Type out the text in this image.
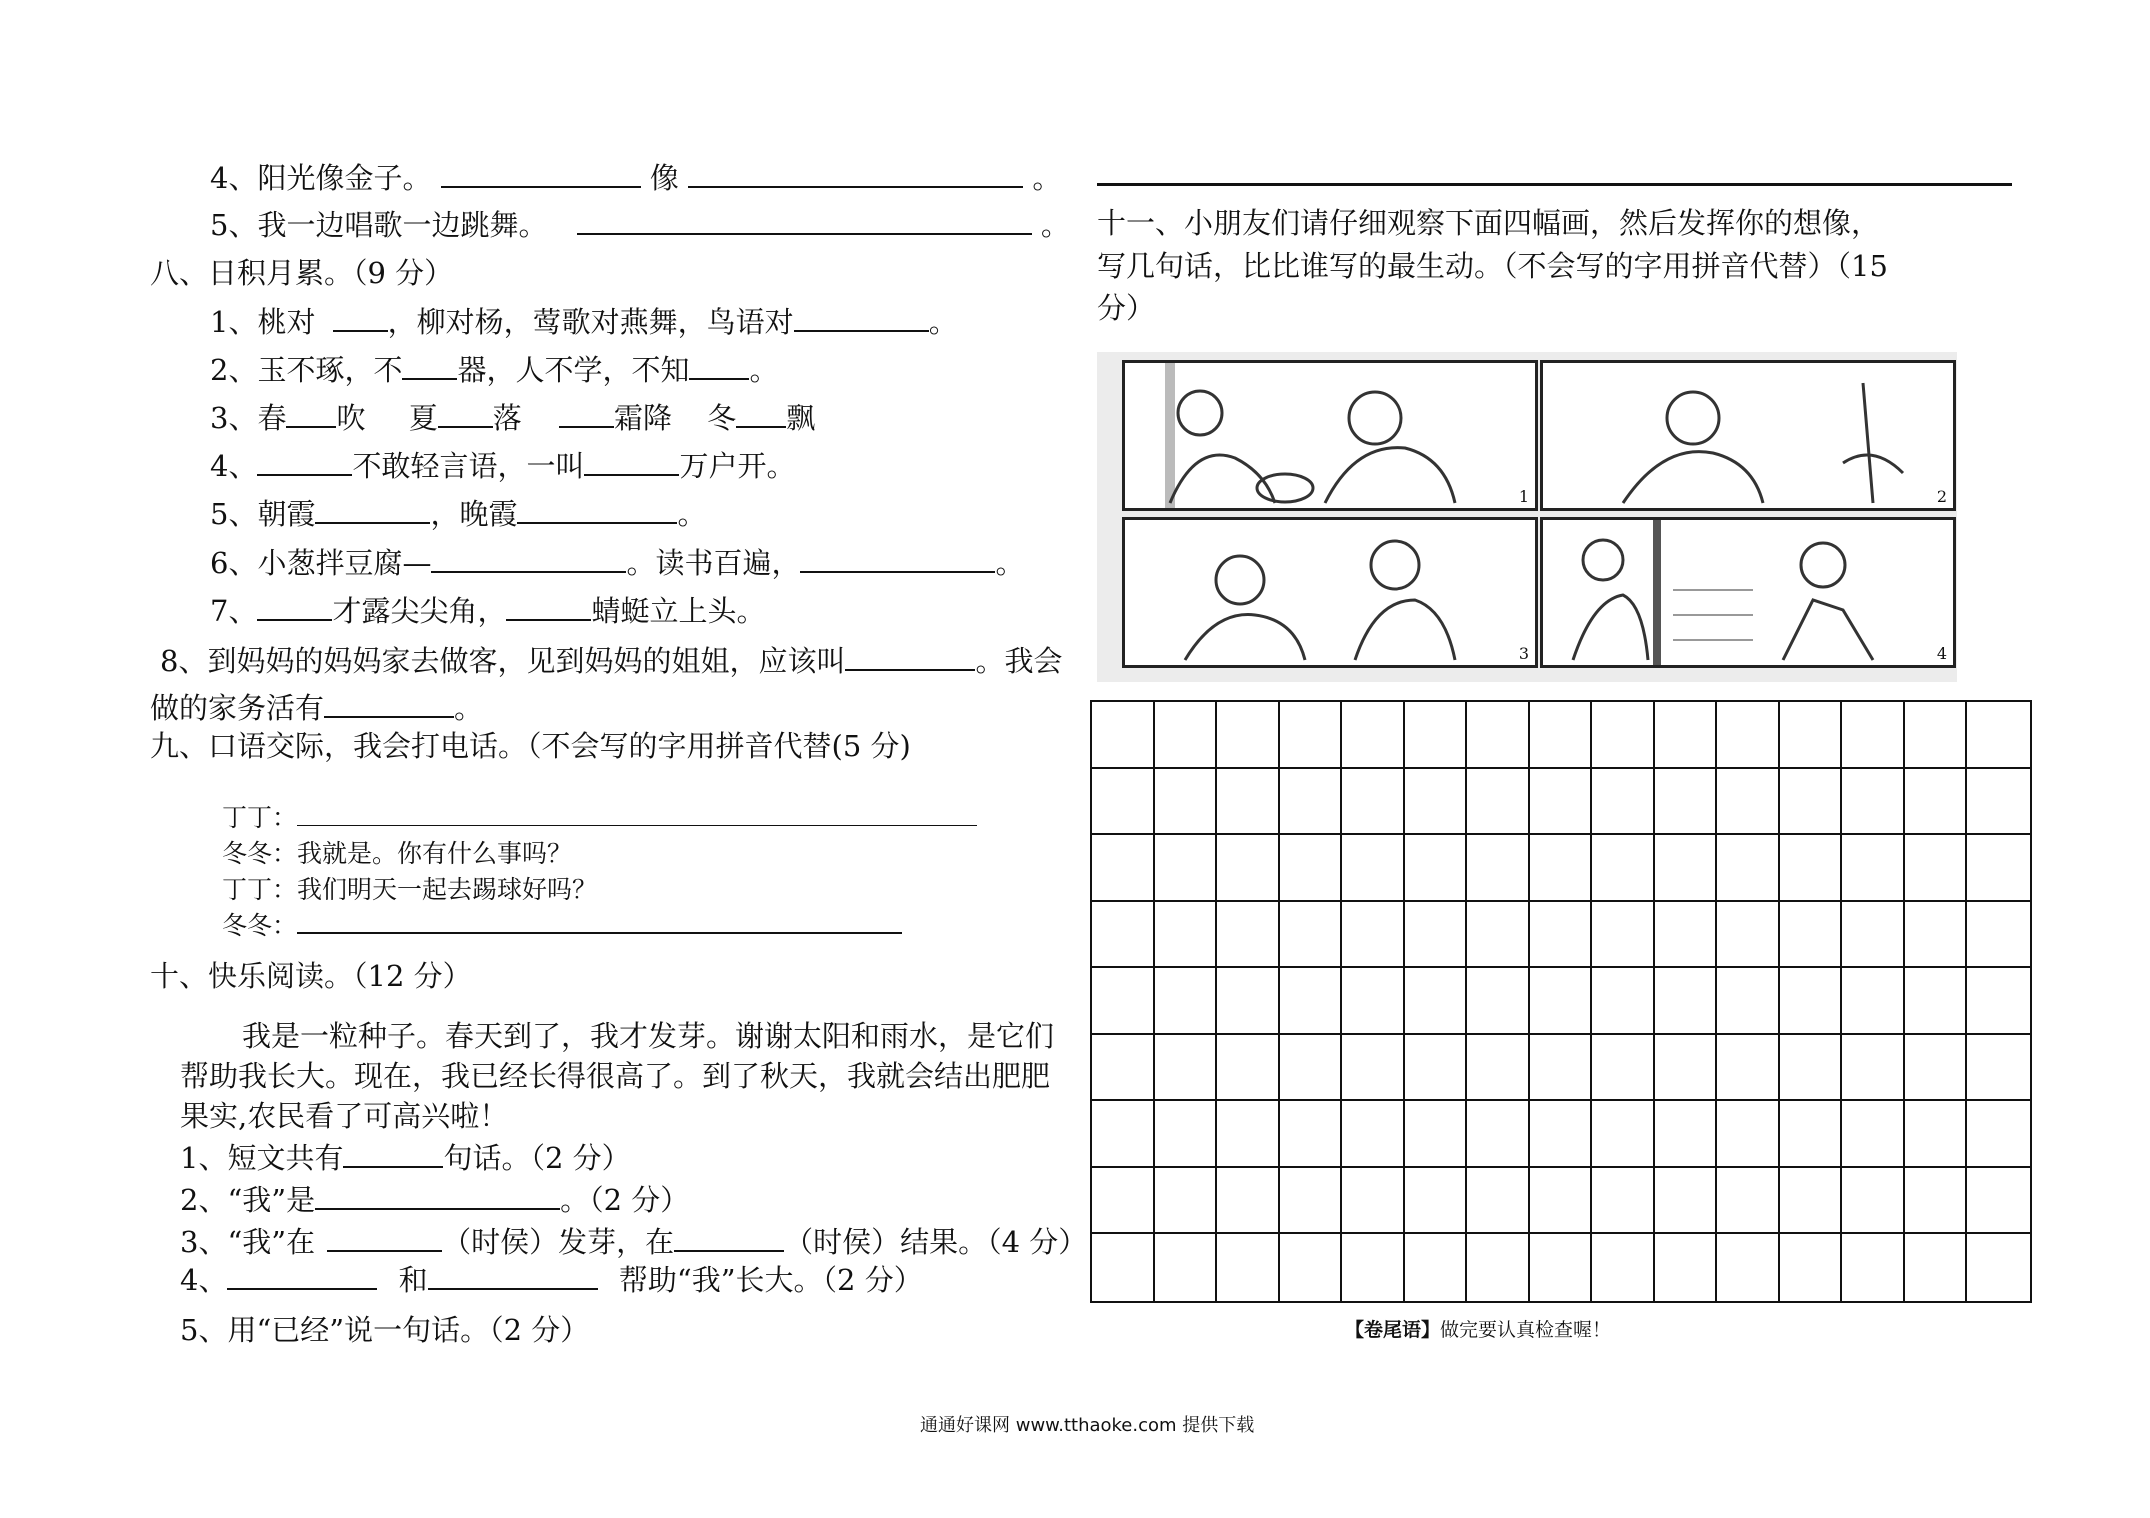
4、阳光像金子。	像	。
5、我一边唱歌一边跳舞。	。
八、日积月累。（9 分）
1、桃对 ，柳对杨，莺歌对燕舞，鸟语对	。
2、玉不琢，不 器，人不学，不知 。
3、春 吹 夏 落	霜降 冬 飘
4、	不敢轻言语，一叫	万户开。
5、朝霞	，晚霞	。
6、小葱拌豆腐—	。读书百遍，	。
7、	才露尖尖角，	蜻蜓立上头。
8、到妈妈的妈妈家去做客，见到妈妈的姐姐，应该叫	。我会
做的家务活有	。
九、口语交际，我会打电话。（不会写的字用拼音代替(5 分)
丁丁：
冬冬：我就是。你有什么事吗？
丁丁：我们明天一起去踢球好吗？
冬冬：
十、快乐阅读。（12 分）
我是一粒种子。春天到了，我才发芽。谢谢太阳和雨水，是它们
帮助我长大。现在，我已经长得很高了。到了秋天，我就会结出肥肥
果实,农民看了可高兴啦！
1、短文共有	句话。（2 分）
2、“我”是	。（2 分）
3、“我”在	（时侯）发芽，在	（时侯）结果。（4 分）
4、	和	帮助“我”长大。（2 分）
5、用“已经”说一句话。（2 分）
十一、小朋友们请仔细观察下面四幅画，然后发挥你的想像，
写几句话，比比谁写的最生动。（不会写的字用拼音代替）（15
分）
1	2
3	4
【卷尾语】做完要认真检查喔！
通通好课网 www.tthaoke.com 提供下载
